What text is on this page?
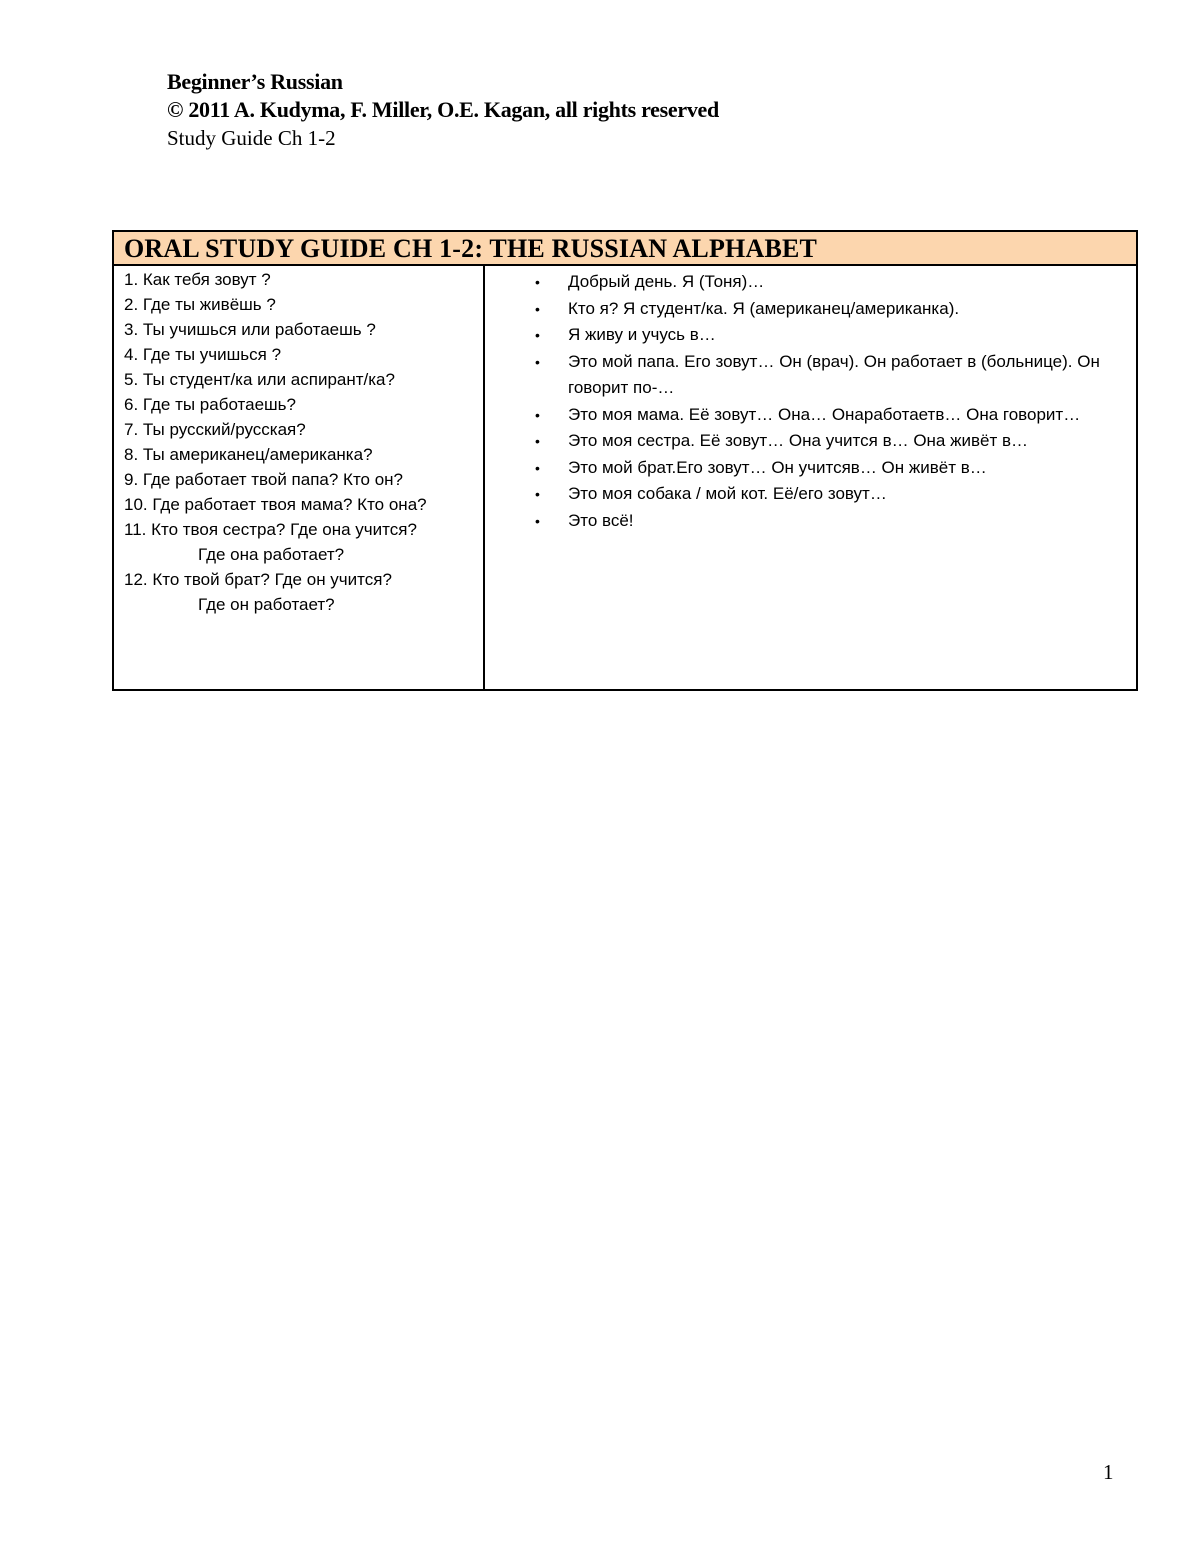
Beginner’s Russian
© 2011 A. Kudyma, F. Miller, O.E. Kagan, all rights reserved
Study Guide Ch 1-2
ORAL STUDY GUIDE CH 1-2: THE RUSSIAN ALPHABET
1. Как тебя зовут ?
2. Где ты живёшь ?
3. Ты учишься или работаешь ?
4. Где ты учишься ?
5. Ты студент/ка или аспирант/ка?
6. Где ты работаешь?
7. Ты русский/русская?
8. Ты американец/американка?
9. Где работает твой папа? Кто он?
10. Где работает твоя мама? Кто она?
11. Кто твоя сестра? Где она учится?
Где она работает?
12. Кто твой брат? Где он учится?
Где он работает?
• Добрый день. Я (Тоня)…
• Кто я? Я студент/ка. Я (американец/американка).
• Я живу и учусь в…
• Это мой папа. Его зовут… Он (врач). Он работает в (больнице). Он говорит по-…
• Это моя мама. Её зовут… Она… Онаработаетв… Она говорит…
• Это моя сестра. Её зовут… Она учится в… Она живёт в…
• Это мой брат.Его зовут… Он учитсяв… Он живёт в…
• Это моя собака / мой кот. Её/его зовут…
• Это всё!
1
